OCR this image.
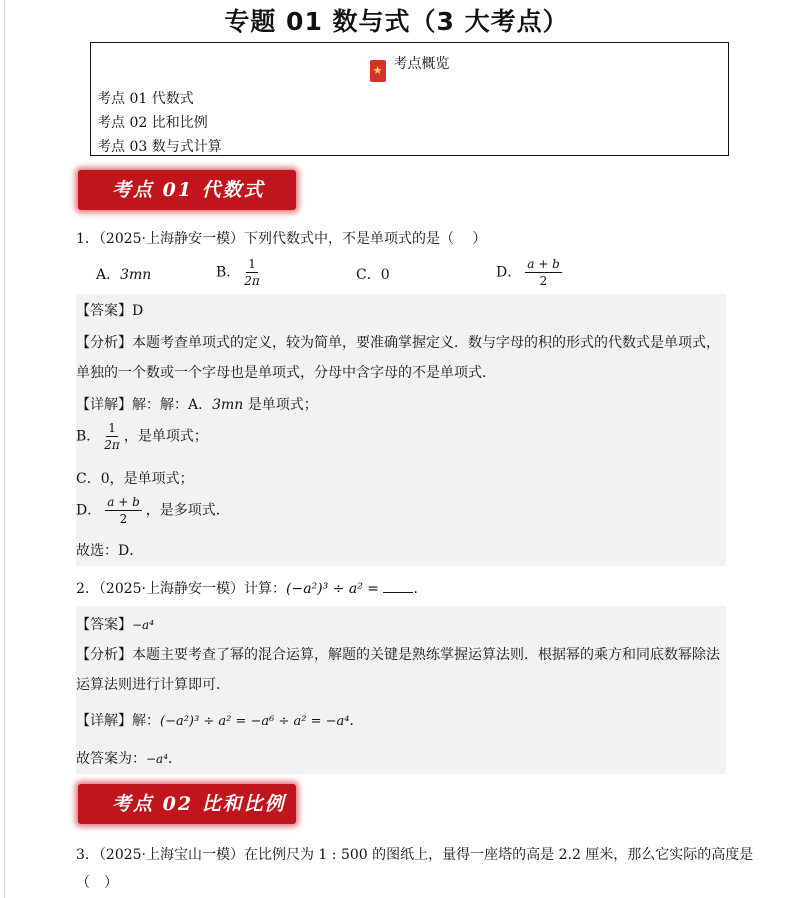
专题 01 数与式（3 大考点）
★ 考点概览
考点 01 代数式
考点 02 比和比例
考点 03 数与式计算
考点 01 代数式
1．（2025·上海静安一模）下列代数式中，不是单项式的是（　 ）
A．3mn	B． $\frac{1}{2\pi}$	C．0	D． $\frac{a + b}{2}$
【答案】D
【分析】本题考查单项式的定义，较为简单，要准确掌握定义．数与字母的积的形式的代数式是单项式，
单独的一个数或一个字母也是单项式，分母中含字母的不是单项式．
【详解】解：解：A．3mn 是单项式；
B． $\frac{1}{2\pi}$ ，是单项式；
C．0，是单项式；
D． $\frac{a + b}{2}$ ，是多项式．
故选：D．
2．（2025·上海静安一模）计算：(−a²)³ ÷ a² = ．
【答案】−a⁴
【分析】本题主要考查了幂的混合运算，解题的关键是熟练掌握运算法则．根据幂的乘方和同底数幂除法
运算法则进行计算即可．
【详解】解：(−a²)³ ÷ a² = −a⁶ ÷ a² = −a⁴．
故答案为：−a⁴．
考点 02 比和比例
3．（2025·上海宝山一模）在比例尺为 1 : 500 的图纸上，量得一座塔的高是 2.2 厘米，那么它实际的高度是
（　）
